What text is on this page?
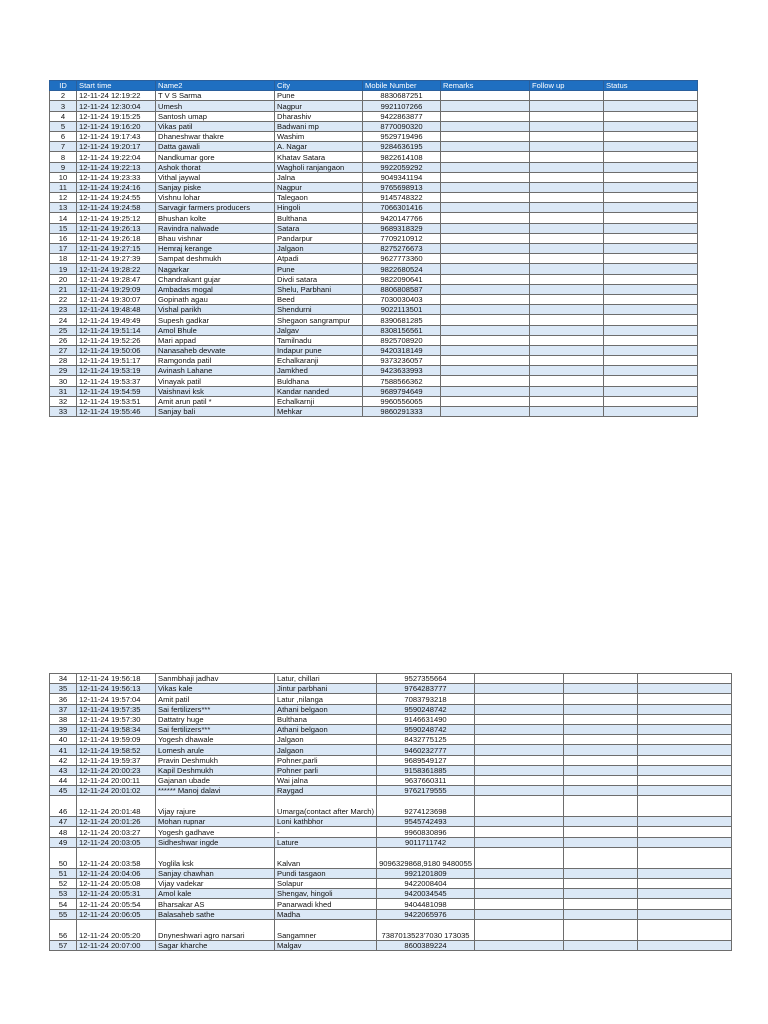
ID	Start time	Name2	City	Mobile Number	Remarks	Follow up	Status
2	12-11-24 12:19:22	T V S Sarma	Pune	8830687251			
3	12-11-24 12:30:04	Umesh	Nagpur	9921107266			
4	12-11-24 19:15:25	Santosh umap	Dharashiv	9422863877			
5	12-11-24 19:16:20	Vikas patil	Badwani mp	8770090320			
6	12-11-24 19:17:43	Dhaneshwar thakre	Washim	9529719496			
7	12-11-24 19:20:17	Datta gawali	A. Nagar	9284636195			
8	12-11-24 19:22:04	Nandkumar gore	Khatav Satara	9822614108			
9	12-11-24 19:22:13	Ashok thorat	Wagholi ranjangaon	9922059292			
10	12-11-24 19:23:33	Vithal jaywal	Jalna	9049341194			
11	12-11-24 19:24:16	Sanjay piske	Nagpur	9765698913			
12	12-11-24 19:24:55	Vishnu lohar	Talegaon	9145748322			
13	12-11-24 19:24:58	Sarvagir farmers producers	Hingoli	7066301416			
14	12-11-24 19:25:12	Bhushan kolte	Bulthana	9420147766			
15	12-11-24 19:26:13	Ravindra nalwade	Satara	9689318329			
16	12-11-24 19:26:18	Bhau vishnar	Pandarpur	7709210912			
17	12-11-24 19:27:15	Hemraj kerange	Jalgaon	8275276673			
18	12-11-24 19:27:39	Sampat deshmukh	Atpadi	9627773360			
19	12-11-24 19:28:22	Nagarkar	Pune	9822680524			
20	12-11-24 19:28:47	Chandrakant gujar	Divdi satara	9822090641			
21	12-11-24 19:29:09	Ambadas mogal	Shelu, Parbhani	8806808587			
22	12-11-24 19:30:07	Gopinath agau	Beed	7030030403			
23	12-11-24 19:48:48	Vishal parikh	Shendurni	9022113501			
24	12-11-24 19:49:49	Supesh gadkar	Shegaon sangrampur	8390681285			
25	12-11-24 19:51:14	Amol Bhule	Jalgav	8308156561			
26	12-11-24 19:52:26	Mari appad	Tamilnadu	8925708920			
27	12-11-24 19:50:06	Nanasaheb devvate	Indapur pune	9420318149			
28	12-11-24 19:51:17	Ramgonda patil	Echalkaranji	9373236057			
29	12-11-24 19:53:19	Avinash Lahane	Jamkhed	9423633993			
30	12-11-24 19:53:37	Vinayak patil	Buldhana	7588566362			
31	12-11-24 19:54:59	Vaishnavi ksk	Kandar nanded	9689794649			
32	12-11-24 19:53:51	Amit arun patil *	Echalkarnji	9960556065			
33	12-11-24 19:55:46	Sanjay bali	Mehkar	9860291333			
34	12-11-24 19:56:18	Sanmbhaji jadhav	Latur, chillari	9527355664			
35	12-11-24 19:56:13	Vikas kale	Jintur parbhani	9764283777			
36	12-11-24 19:57:04	Amit patil	Latur ,nilanga	7083793218			
37	12-11-24 19:57:35	Sai fertilizers***	Athani belgaon	9590248742			
38	12-11-24 19:57:30	Dattatry huge	Bulthana	9146631490			
39	12-11-24 19:58:34	Sai fertilizers***	Athani belgaon	9590248742			
40	12-11-24 19:59:09	Yogesh dhawale	Jalgaon	8432775125			
41	12-11-24 19:58:52	Lomesh arule	Jalgaon	9460232777			
42	12-11-24 19:59:37	Pravin Deshmukh	Pohner,parli	9689549127			
43	12-11-24 20:00:23	Kapil Deshmukh	Pohner parli	9158361885			
44	12-11-24 20:00:11	Gajanan ubade	Wai jalna	9637660311			
45	12-11-24 20:01:02	****** Manoj dalavi	Raygad	9762179555			
46	12-11-24 20:01:48	Vijay rajure	Umarga(contact after March)	9274123698			
47	12-11-24 20:01:26	Mohan rupnar	Loni kathbhor	9545742493			
48	12-11-24 20:03:27	Yogesh gadhave	-	9960830896			
49	12-11-24 20:03:05	Sidheshwar ingde	Lature	9011711742			
50	12-11-24 20:03:58	Yoglila ksk	Kalvan	9096329868,9180 9480055			
51	12-11-24 20:04:06	Sanjay chawhan	Pundi tasgaon	9921201809			
52	12-11-24 20:05:08	Vijay vadekar	Solapur	9422008404			
53	12-11-24 20:05:31	Amol kale	Shengav, hingoli	9420034545			
54	12-11-24 20:05:54	Bharsakar AS	Panarwadi khed	9404481098			
55	12-11-24 20:06:05	Balasaheb sathe	Madha	9422065976			
56	12-11-24 20:05:20	Dnyneshwari agro narsari	Sangamner	7387013523'7030 173035			
57	12-11-24 20:07:00	Sagar kharche	Malgav	8600389224			
